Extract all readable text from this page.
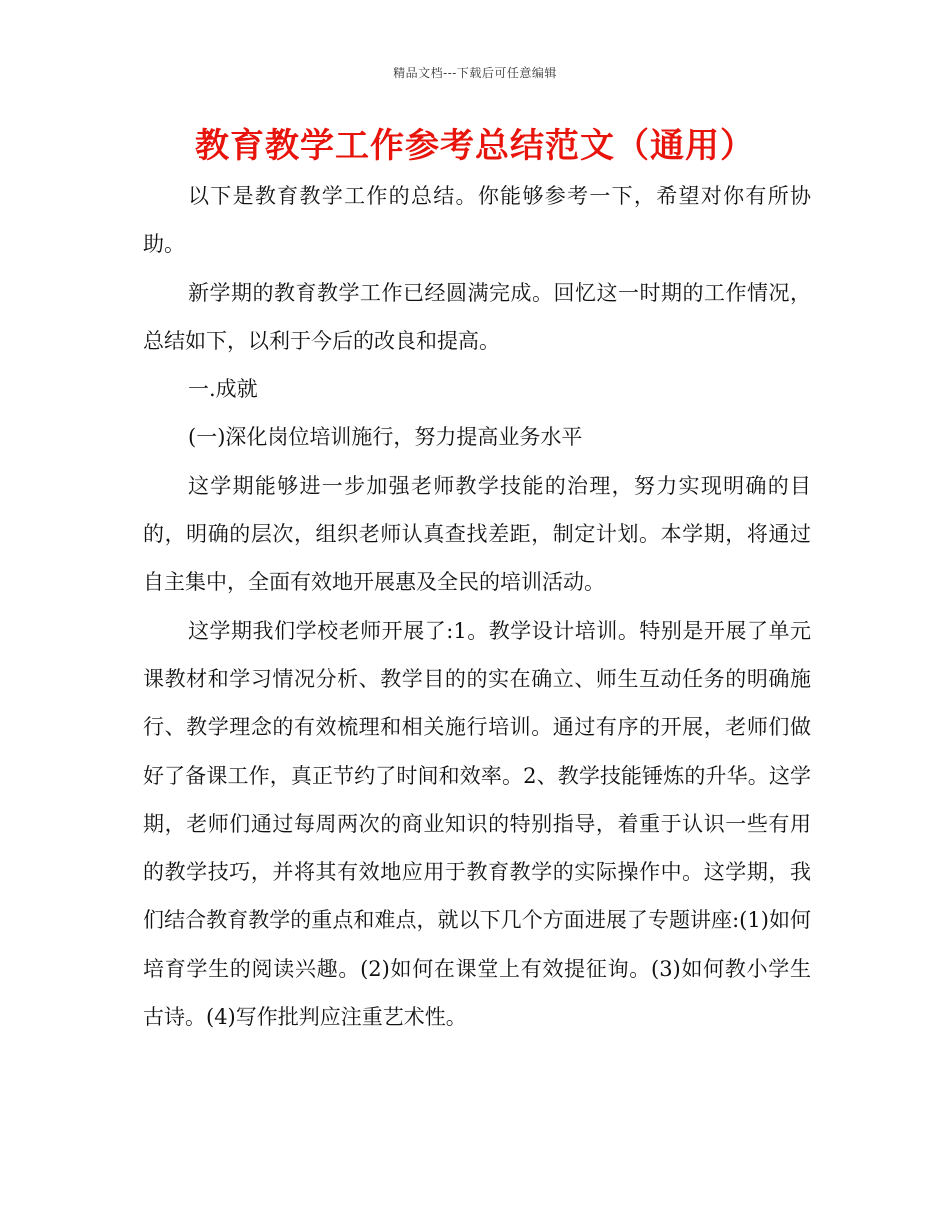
精品文档---下载后可任意编辑
教育教学工作参考总结范文（通用）

以下是教育教学工作的总结。你能够参考一下，希望对你有所协助。

新学期的教育教学工作已经圆满完成。回忆这一时期的工作情况，总结如下，以利于今后的改良和提高。

一.成就

(一)深化岗位培训施行，努力提高业务水平

这学期能够进一步加强老师教学技能的治理，努力实现明确的目的，明确的层次，组织老师认真查找差距，制定计划。本学期，将通过自主集中，全面有效地开展惠及全民的培训活动。

这学期我们学校老师开展了:1。教学设计培训。特别是开展了单元课教材和学习情况分析、教学目的的实在确立、师生互动任务的明确施行、教学理念的有效梳理和相关施行培训。通过有序的开展，老师们做好了备课工作，真正节约了时间和效率。2、教学技能锤炼的升华。这学期，老师们通过每周两次的商业知识的特别指导，着重于认识一些有用的教学技巧，并将其有效地应用于教育教学的实际操作中。这学期，我们结合教育教学的重点和难点，就以下几个方面进展了专题讲座:(1)如何培育学生的阅读兴趣。(2)如何在课堂上有效提征询。(3)如何教小学生古诗。(4)写作批判应注重艺术性。
